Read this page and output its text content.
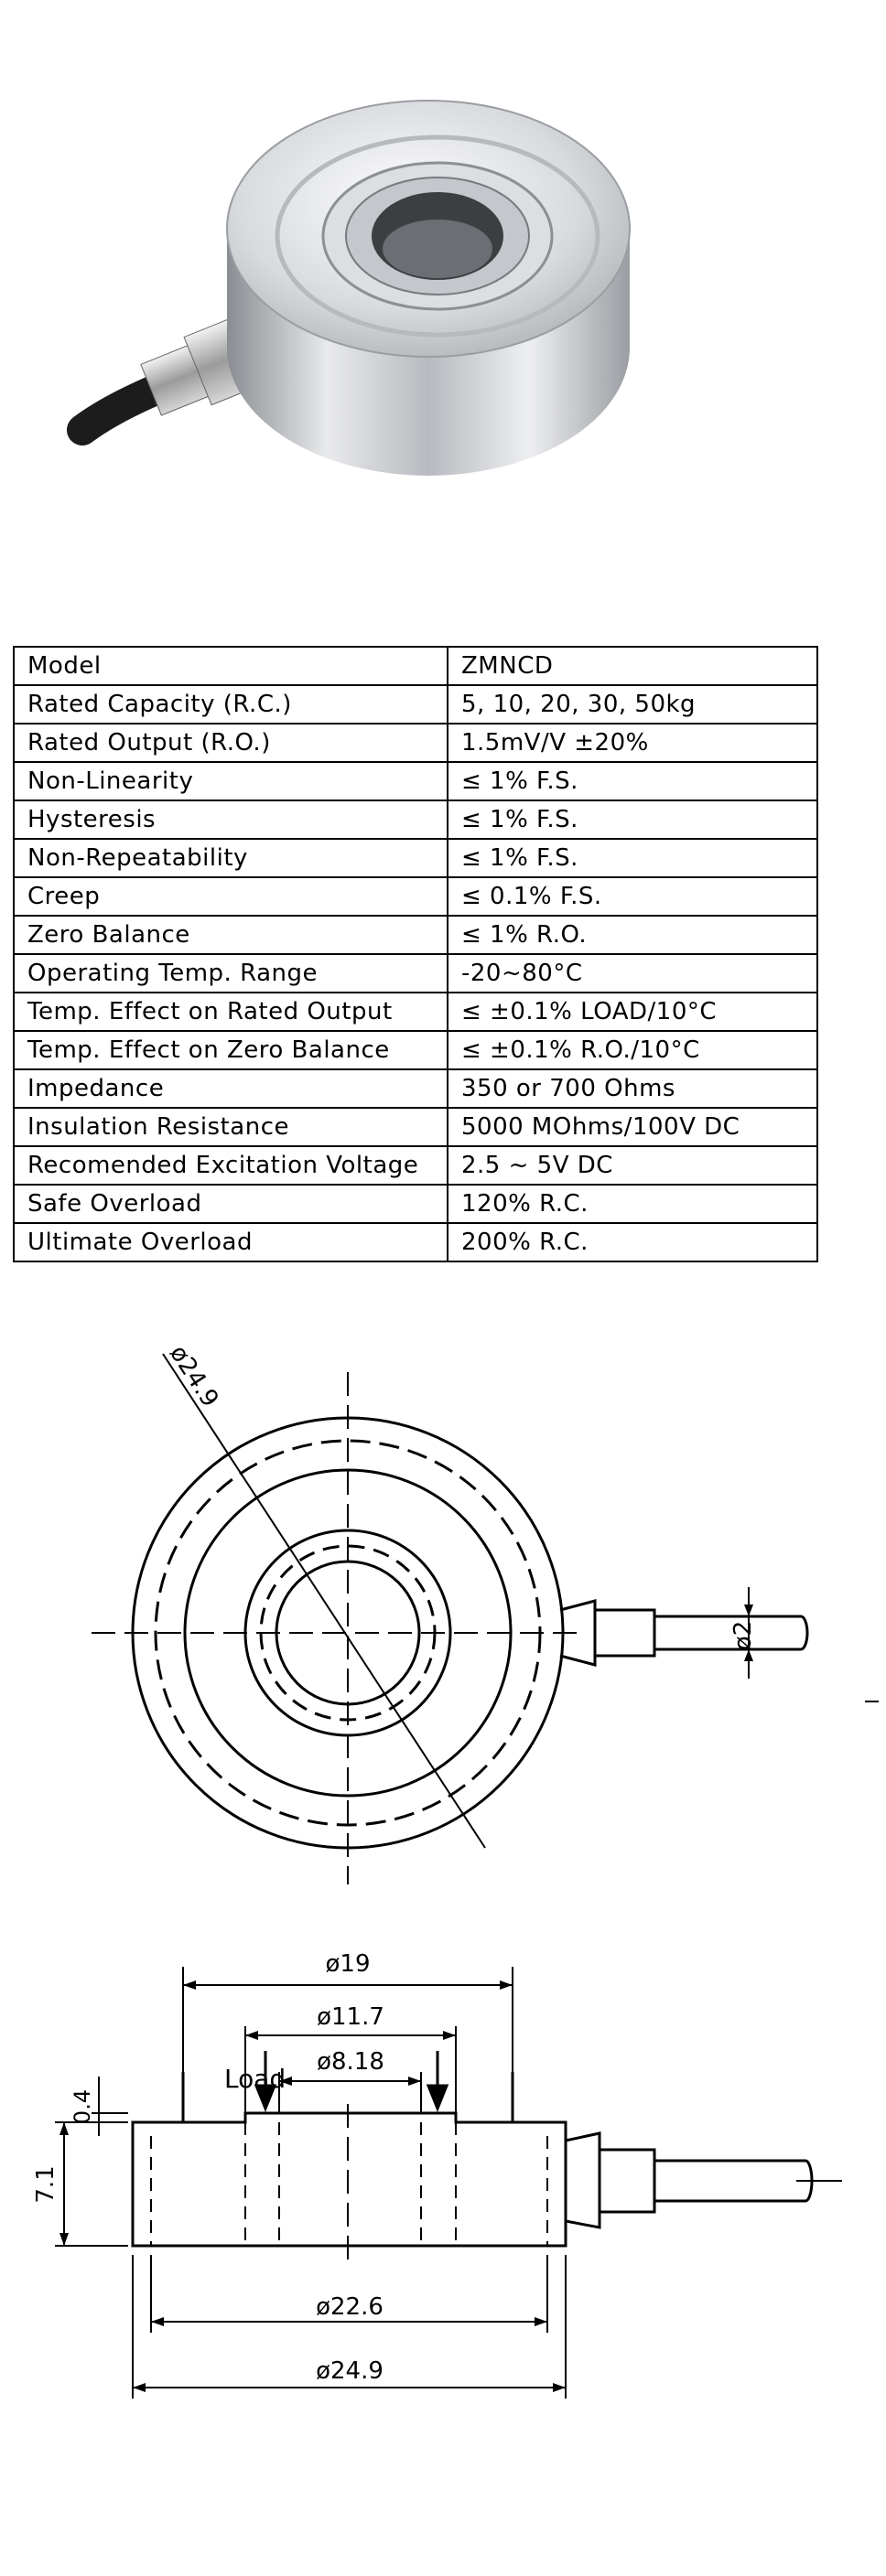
Model	ZMNCD
Rated Capacity (R.C.)	5, 10, 20, 30, 50kg
Rated Output (R.O.)	1.5mV/V ±20%
Non-Linearity	≤ 1% F.S.
Hysteresis	≤ 1% F.S.
Non-Repeatability	≤ 1% F.S.
Creep	≤ 0.1% F.S.
Zero Balance	≤ 1% R.O.
Operating Temp. Range	-20~80°C
Temp. Effect on Rated Output	≤ ±0.1% LOAD/10°C
Temp. Effect on Zero Balance	≤ ±0.1% R.O./10°C
Impedance	350 or 700 Ohms
Insulation Resistance	5000 MOhms/100V DC
Recomended Excitation Voltage	2.5 ~ 5V DC
Safe Overload	120% R.C.
Ultimate Overload	200% R.C.
ø2
ø24.9
ø19
ø11.7
ø8.18
Load
0.4
7.1
ø22.6
ø24.9
